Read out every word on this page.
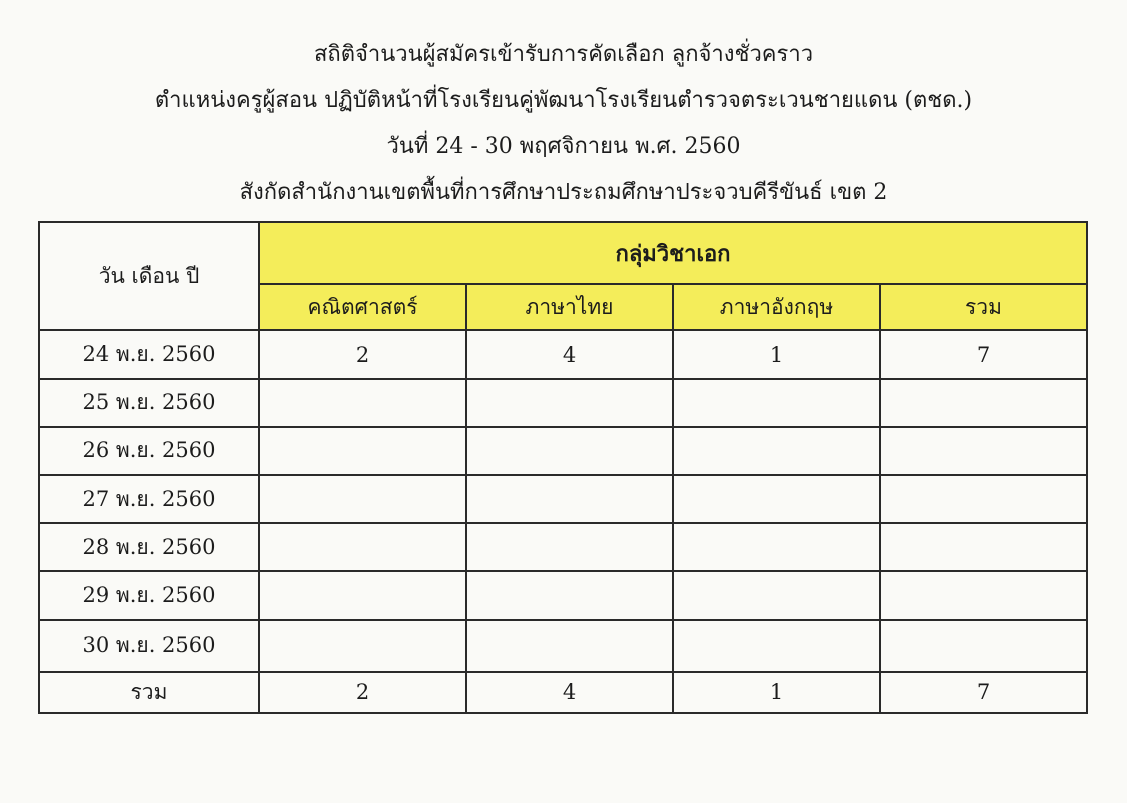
สถิติจำนวนผู้สมัครเข้ารับการคัดเลือก ลูกจ้างชั่วคราว
ตำแหน่งครูผู้สอน ปฏิบัติหน้าที่โรงเรียนคู่พัฒนาโรงเรียนตำรวจตระเวนชายแดน (ตชด.)
วันที่ 24 - 30 พฤศจิกายน พ.ศ. 2560
สังกัดสำนักงานเขตพื้นที่การศึกษาประถมศึกษาประจวบคีรีขันธ์ เขต 2
วัน เดือน ปี	กลุ่มวิชาเอก			
	คณิตศาสตร์	ภาษาไทย	ภาษาอังกฤษ	รวม
24 พ.ย. 2560	2	4	1	7
25 พ.ย. 2560				
26 พ.ย. 2560				
27 พ.ย. 2560				
28 พ.ย. 2560				
29 พ.ย. 2560				
30 พ.ย. 2560				
รวม	2	4	1	7
